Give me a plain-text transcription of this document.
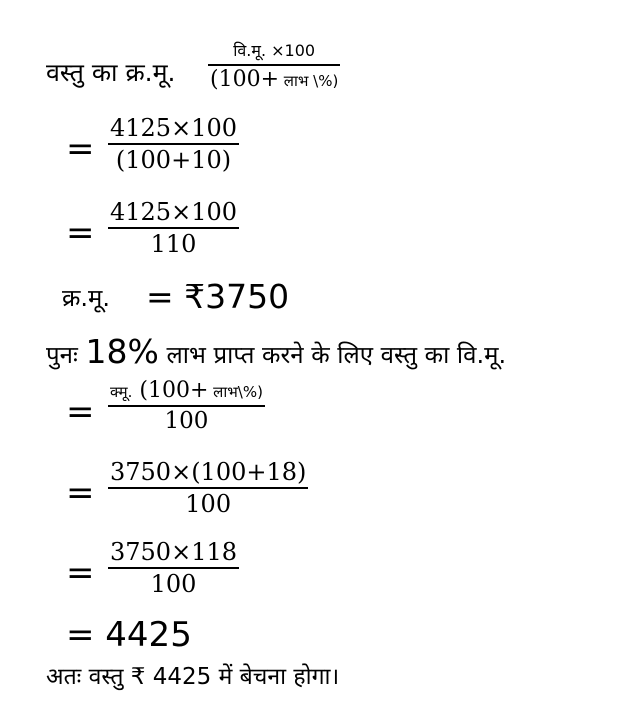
वस्तु का क्र.मू.
वि.मू. ×100
(100+ लाभ \%)
=
4125×100
(100+10)
=
4125×100
110
क्र.मू. = ₹3750
पुनः 18% लाभ प्राप्त करने के लिए वस्तु का वि.मू.
= क्मू. (100+ लाभ\%)
100
=
3750×(100+18)
100
=
3750×118
100
= 4425
अतः वस्तु ₹ 4425 में बेचना होगा।
